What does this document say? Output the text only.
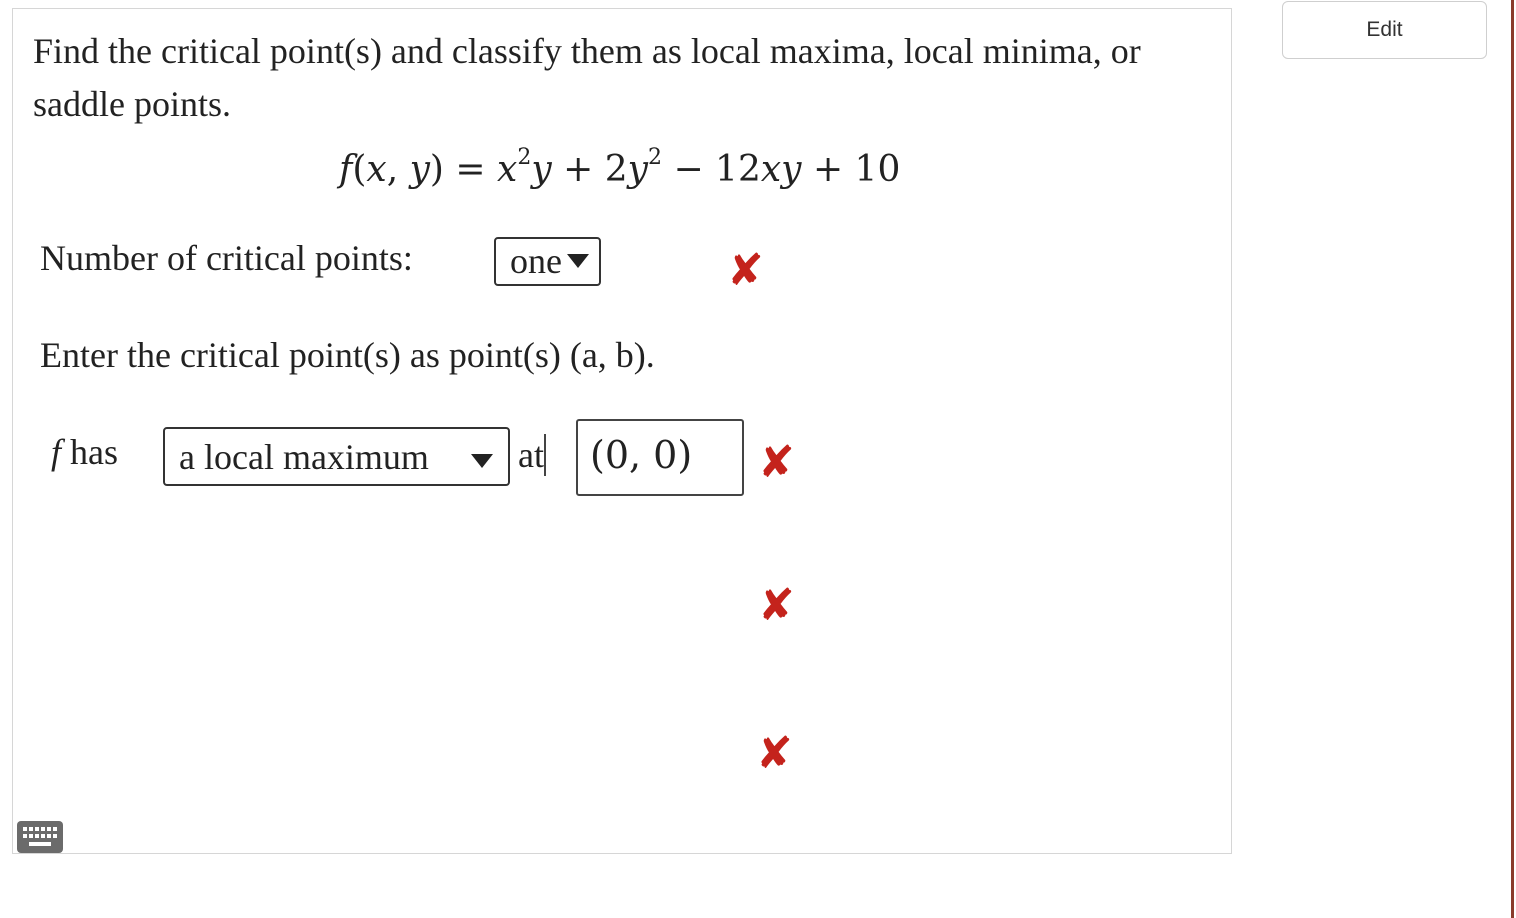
Find the critical point(s) and classify them as local maxima, local minima, or saddle points.
f(x, $y) = x^2y + 2y^2 - 12xy + 10$
Number of critical points:	one	✘
Enter the critical point(s) as point(s) (a, b).
f has a local maximum at (0, 0) ✘
✘
✘
Edit
